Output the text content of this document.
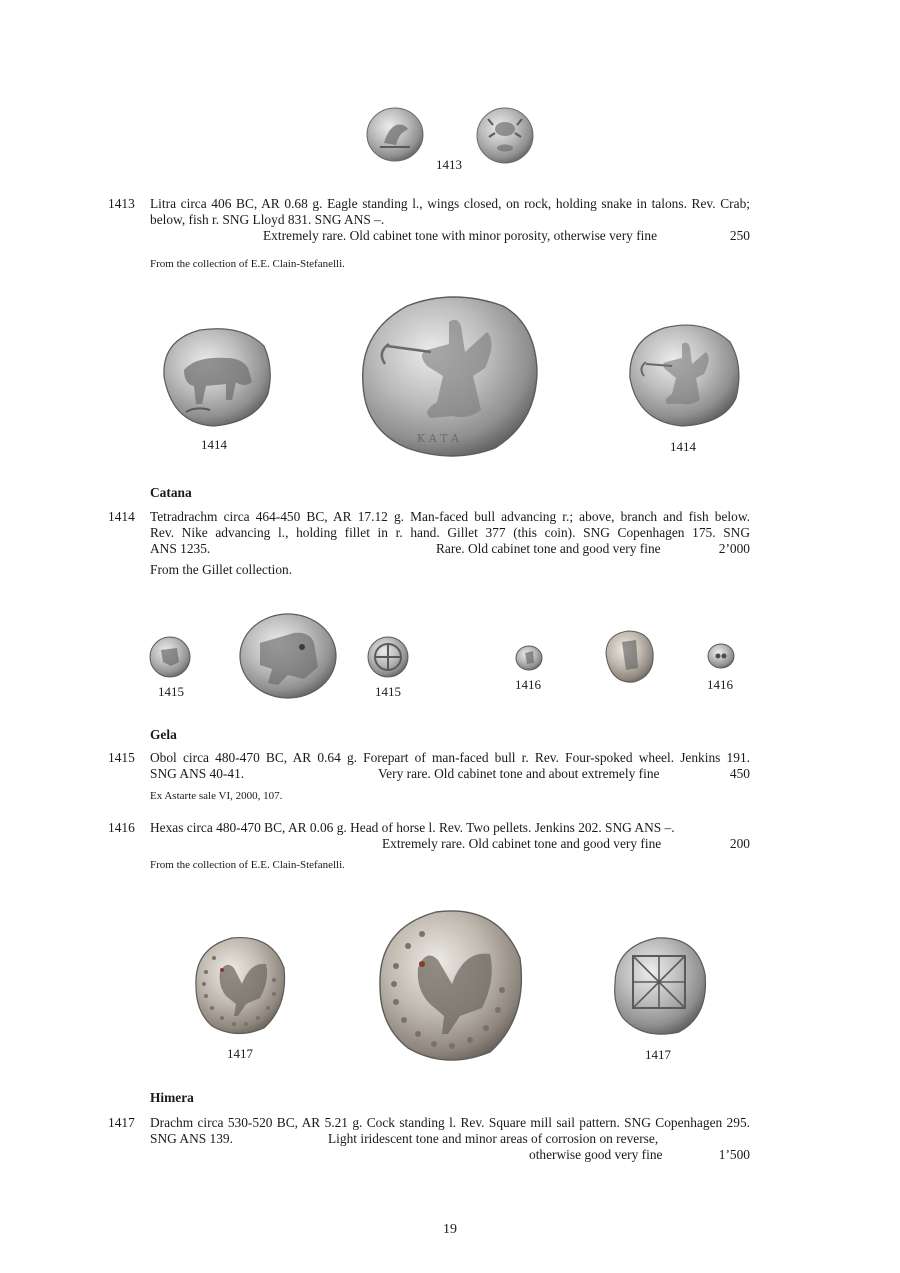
1413
1413 Litra circa 406 BC, AR 0.68 g. Eagle standing l., wings closed, on rock, holding snake in talons. Rev. Crab;
below, fish r. SNG Lloyd 831. SNG ANS –.
Extremely rare. Old cabinet tone with minor porosity, otherwise very fine	250
From the collection of E.E. Clain-Stefanelli.
Κ Α Τ Α
1414	1414
Catana
1414 Tetradrachm circa 464-450 BC, AR 17.12 g. Man-faced bull advancing r.; above, branch and fish below.
Rev. Nike advancing l., holding fillet in r. hand. Gillet 377 (this coin). SNG Copenhagen 175. SNG
ANS 1235.	Rare. Old cabinet tone and good very fine	2’000
From the Gillet collection.
1415	1415	1416	1416
Gela
1415 Obol circa 480-470 BC, AR 0.64 g. Forepart of man-faced bull r. Rev. Four-spoked wheel. Jenkins 191.
SNG ANS 40-41.	Very rare. Old cabinet tone and about extremely fine	450
Ex Astarte sale VI, 2000, 107.
1416 Hexas circa 480-470 BC, AR 0.06 g. Head of horse l. Rev. Two pellets. Jenkins 202. SNG ANS –.
Extremely rare. Old cabinet tone and good very fine	200
From the collection of E.E. Clain-Stefanelli.
1417	1417
Himera
1417 Drachm circa 530-520 BC, AR 5.21 g. Cock standing l. Rev. Square mill sail pattern. SNG Copenhagen 295.
SNG ANS 139.	Light iridescent tone and minor areas of corrosion on reverse,
otherwise good very fine	1’500
19
